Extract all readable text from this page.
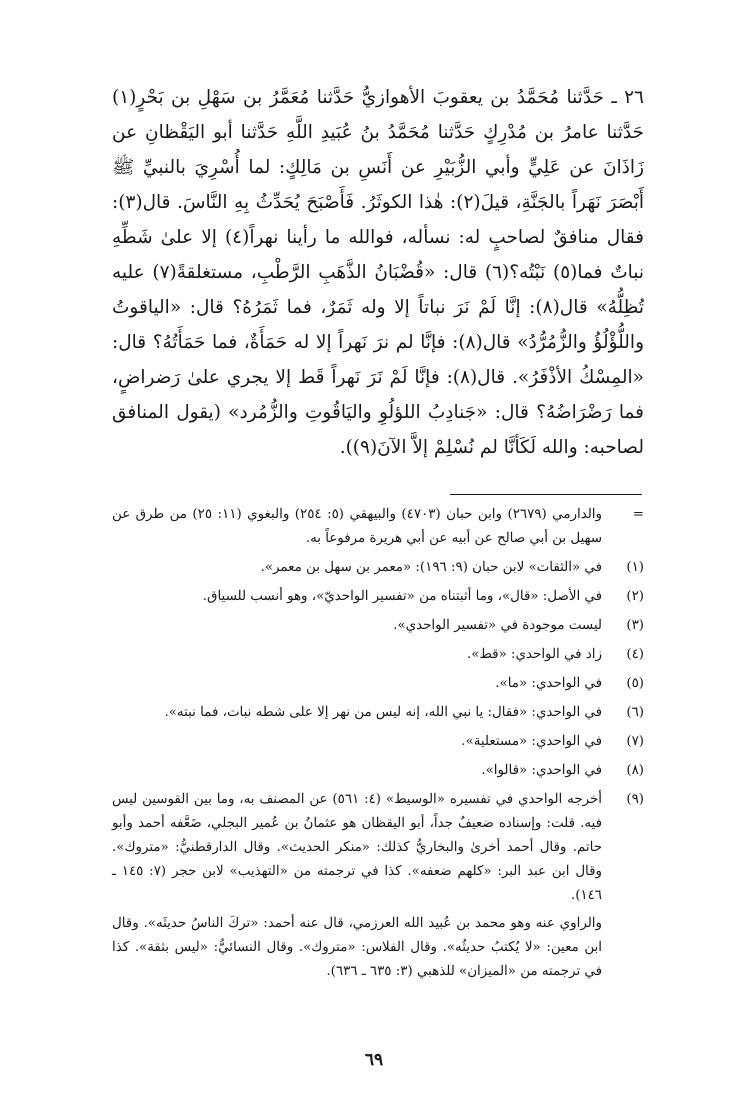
٢٦ ـ حَدَّثنا مُحَمَّدُ بن يعقوبَ الأهوازيُّ حَدَّثنا مُعَمَّرُ بن سَهْلِ بن بَحْرٍ(١) حَدَّثنا عامرُ بن مُدْرِكٍ حَدَّثنا مُحَمَّدُ بنُ عُبَيدِ اللَّهِ حَدَّثنا أبو اليَقْظانِ عن زَاذَانَ عن عَلِيٍّ وأبي الزُّبَيْرِ عن أَنَسِ بن مَالِكٍ: لما أُسْرِيَ بالنبيِّ ﷺ أَبْصَرَ نَهَراً بالجَنَّةِ، قيلَ(٢): هٰذا الكوثَرُ. فَأَصْبَحَ يُحَدِّثُ بِهِ النَّاسَ. قال(٣): فقال منافقٌ لصاحبٍ له: نسأله، فوالله ما رأينا نهراً(٤) إلا علىٰ شَطِّهِ نباتٌ فما(٥) نَبْتُه؟(٦) قال: «قُضْبَانُ الذَّهَبِ الرَّطْبِ، مستغلقةً(٧) عليه تُظِلُّهُ» قال(٨): إنَّا لَمْ نَرَ نباتاً إلا وله ثَمَرٌ، فما ثَمَرُهُ؟ قال: «الياقوتُ واللُّؤْلُؤُ والزُّمُرُّدُ» قال(٨): فإنَّا لم نرَ نَهراً إلا له حَمَأَةٌ، فما حَمَأَتُهُ؟ قال: «المِسْكُ الأذْفَرُ». قال(٨): فإنَّا لَمْ نَرَ نَهراً قَط إلا يجري علىٰ رَضراضٍ، فما رَضْرَاضُهُ؟ قال: «جَنادِبُ اللؤلُوِ واليَاقُوتِ والزُّمُرد» (يقول المنافق لصاحبه: والله لَكَأنَّا لم نُسْلِمْ إلاَّ الآنَ(٩)).

=
والدارمي (٢٦٧٩) وابن حبان (٤٧٠٣) والبيهقي (٥: ٢٥٤) والبغوي (١١: ٢٥) من طرق عن سهيل بن أبي صالح عن أبيه عن أبي هريرة مرفوعاً به.
(١)
في «الثقات» لابن حبان (٩: ١٩٦): «معمر بن سهل بن معمر».
(٢)
في الأصل: «قال»، وما أثبتناه من «تفسير الواحديّ»، وهو أنسب للسياق.
(٣)
ليست موجودة في «تفسير الواحدي».
(٤)
زاد في الواحدي: «قط».
(٥)
في الواحدي: «ما».
(٦)
في الواحدي: «فقال: يا نبي الله، إنه ليس من نهر إلا على شطه نبات، فما نبته».
(٧)
في الواحدي: «مستعلية».
(٨)
في الواحدي: «قالوا».
(٩)
أخرجه الواحدي في تفسيره «الوسيط» (٤: ٥٦١) عن المصنف به، وما بين القوسين ليس فيه. قلت: وإسناده ضعيفٌ جداً، أبو اليقظان هو عثمانُ بن عُمير البجلي، ضَعَّفه أحمد وأبو حاتم. وقال أحمد أخرىٰ والبخاريُّ كذلك: «منكر الحديث». وقال الدارقطنيُّ: «متروك». وقال ابن عبد البر: «كلهم ضعفه». كذا في ترجمته من «التهذيب» لابن حجر (٧: ١٤٥ ـ ١٤٦).
والراوي عنه وهو محمد بن عُبيد الله العرزمي، قال عنه أحمد: «تركَ الناسُ حديثَه». وقال ابن معين: «لا يُكتبُ حديثُه». وقال الفلاس: «متروك». وقال النسائيُّ: «ليس بثقة». كذا في ترجمته من «الميزان» للذهبي (٣: ٦٣٥ ـ ٦٣٦).
٦٩
